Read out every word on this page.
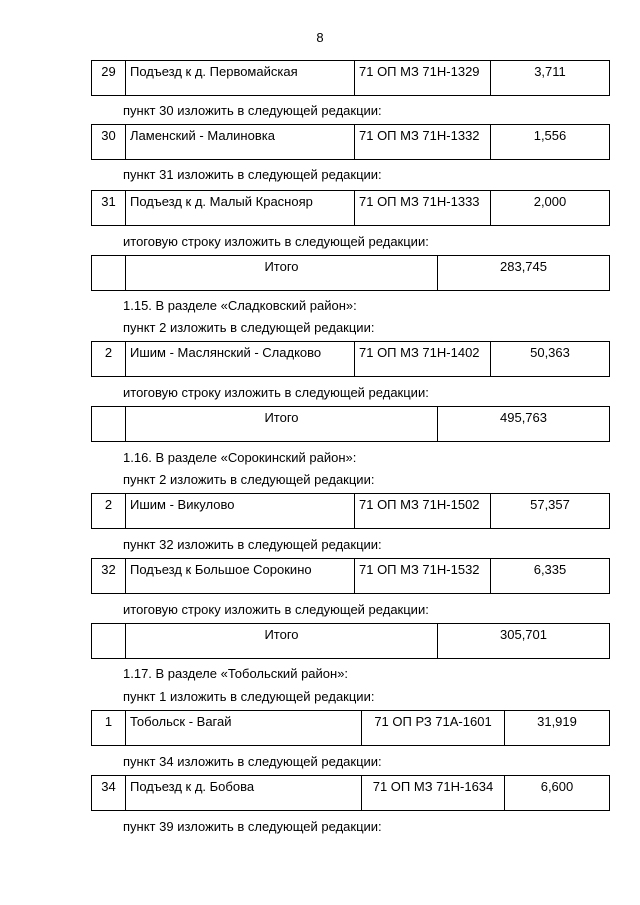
8
29	Подъезд к д. Первомайская	71 ОП МЗ 71Н-1329	3,711
пункт 30 изложить в следующей редакции:
30	Ламенский - Малиновка	71 ОП МЗ 71Н-1332	1,556
пункт 31 изложить в следующей редакции:
31	Подъезд к д. Малый Краснояр	71 ОП МЗ 71Н-1333	2,000
итоговую строку изложить в следующей редакции:
	Итого	283,745
1.15. В разделе «Сладковский район»:
пункт 2 изложить в следующей редакции:
2	Ишим - Маслянский - Сладково	71 ОП МЗ 71Н-1402	50,363
итоговую строку изложить в следующей редакции:
	Итого	495,763
1.16. В разделе «Сорокинский район»:
пункт 2 изложить в следующей редакции:
2	Ишим - Викулово	71 ОП МЗ 71Н-1502	57,357
пункт 32 изложить в следующей редакции:
32	Подъезд к Большое Сорокино	71 ОП МЗ 71Н-1532	6,335
итоговую строку изложить в следующей редакции:
	Итого	305,701
1.17. В разделе «Тобольский район»:
пункт 1 изложить в следующей редакции:
1	Тобольск - Вагай	71 ОП РЗ 71А-1601	31,919
пункт 34 изложить в следующей редакции:
34	Подъезд к д. Бобова	71 ОП МЗ 71Н-1634	6,600
пункт 39 изложить в следующей редакции:
